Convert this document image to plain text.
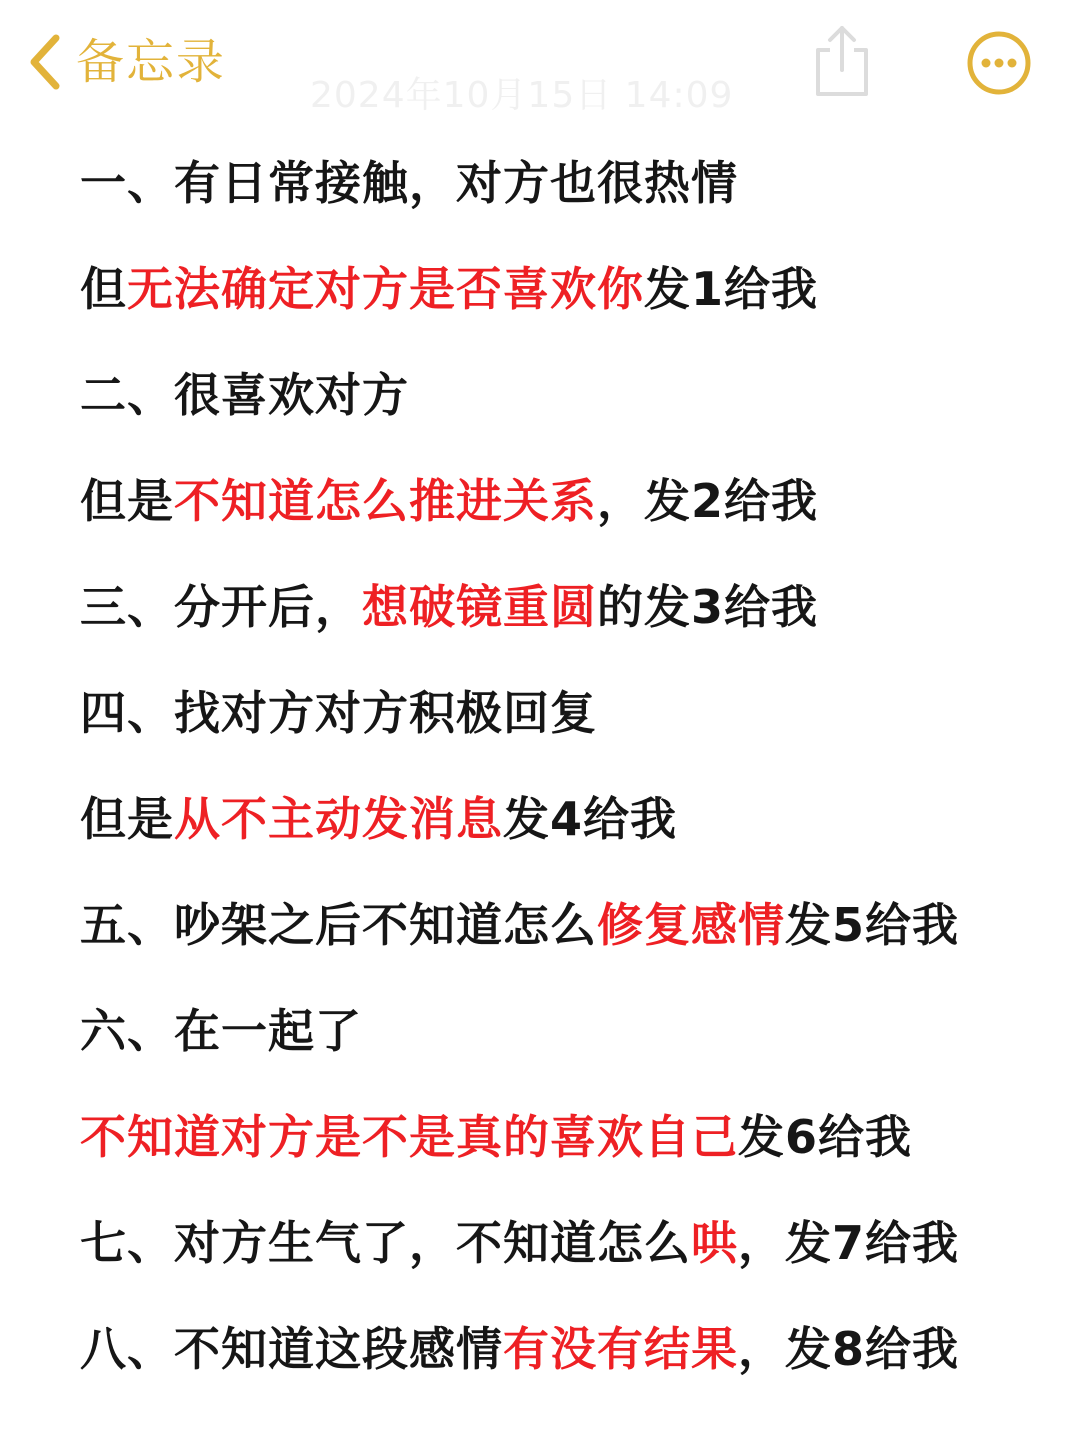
备忘录
2024年10月15日 14:09
一、有日常接触，对方也很热情
但 无法确定对方是否喜欢你 发1给我
二、很喜欢对方
但是 不知道怎么推进关系 ，发2给我
三、分开后， 想破镜重圆 的发3给我
四、找对方对方积极回复
但是 从不主动发消息 发4给我
五、吵架之后不知道怎么 修复感情 发5给我
六、在一起了
不知道对方是不是真的喜欢自己 发6给我
七、对方生气了，不知道怎么 哄 ，发7给我
八、不知道这段感情 有没有结果 ，发8给我
